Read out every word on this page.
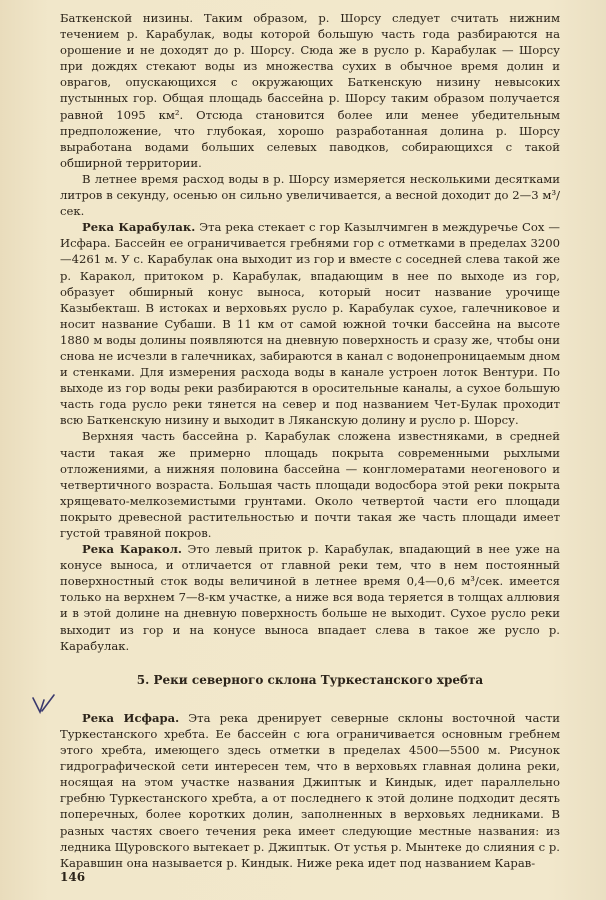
Баткенской низины. Таким образом, р. Шорсу следует считать нижним течением р. Карабулак, воды которой большую часть года разбираются на орошение и не доходят до р. Шорсу. Сюда же в русло р. Карабулак — Шорсу при дождях стекают воды из множества сухих в обычное время долин и оврагов, опускающихся с окружающих Баткенскую низину невысоких пустынных гор. Общая площадь бассейна р. Шорсу таким образом получается равной 1095 км². Отсюда становится более или менее убедительным предположение, что глубокая, хорошо разработанная долина р. Шорсу выработана водами больших селевых паводков, собирающихся с такой обширной территории.

В летнее время расход воды в р. Шорсу измеряется несколькими десятками литров в секунду, осенью он сильно увеличивается, а весной доходит до 2—3 м³/сек.

Река Карабулак. Эта река стекает с гор Казылчимген в междуречье Сох — Исфара. Бассейн ее ограничивается гребнями гор с отметками в пределах 3200—4261 м. У с. Карабулак она выходит из гор и вместе с соседней слева такой же р. Каракол, притоком р. Карабулак, впадающим в нее по выходе из гор, образует обширный конус выноса, который носит название урочище Казыбекташ. В истоках и верховьях русло р. Карабулак сухое, галечниковое и носит название Субаши. В 11 км от самой южной точки бассейна на высоте 1880 м воды долины появляются на дневную поверхность и сразу же, чтобы они снова не исчезли в галечниках, забираются в канал с водонепроницаемым дном и стенками. Для измерения расхода воды в канале устроен лоток Вентури. По выходе из гор воды реки разбираются в оросительные каналы, а сухое большую часть года русло реки тянется на север и под названием Чет-Булак проходит всю Баткенскую низину и выходит в Ляканскую долину и русло р. Шорсу.

Верхняя часть бассейна р. Карабулак сложена известняками, в средней части такая же примерно площадь покрыта современными рыхлыми отложениями, а нижняя половина бассейна — конгломератами неогенового и четвертичного возраста. Большая часть площади водосбора этой реки покрыта хрящевато-мелкоземистыми грунтами. Около четвертой части его площади покрыто древесной растительностью и почти такая же часть площади имеет густой травяной покров.

Река Каракол. Это левый приток р. Карабулак, впадающий в нее уже на конусе выноса, и отличается от главной реки тем, что в нем постоянный поверхностный сток воды величиной в летнее время 0,4—0,6 м³/сек. имеется только на верхнем 7—8-км участке, а ниже вся вода теряется в толщах аллювия и в этой долине на дневную поверхность больше не выходит. Сухое русло реки выходит из гор и на конусе выноса впадает слева в такое же русло р. Карабулак.

5. Реки северного склона Туркестанского хребта

Река Исфара. Эта река дренирует северные склоны восточной части Туркестанского хребта. Ее бассейн с юга ограничивается основным гребнем этого хребта, имеющего здесь отметки в пределах 4500—5500 м. Рисунок гидрографической сети интересен тем, что в верховьях главная долина реки, носящая на этом участке названия Джиптык и Киндык, идет параллельно гребню Туркестанского хребта, а от последнего к этой долине подходит десять поперечных, более коротких долин, заполненных в верховьях ледниками. В разных частях своего течения река имеет следующие местные названия: из ледника Щуровского вытекает р. Джиптык. От устья р. Мынтеке до слияния с р. Каравшин она называется р. Киндык. Ниже река идет под названием Карав-

146
